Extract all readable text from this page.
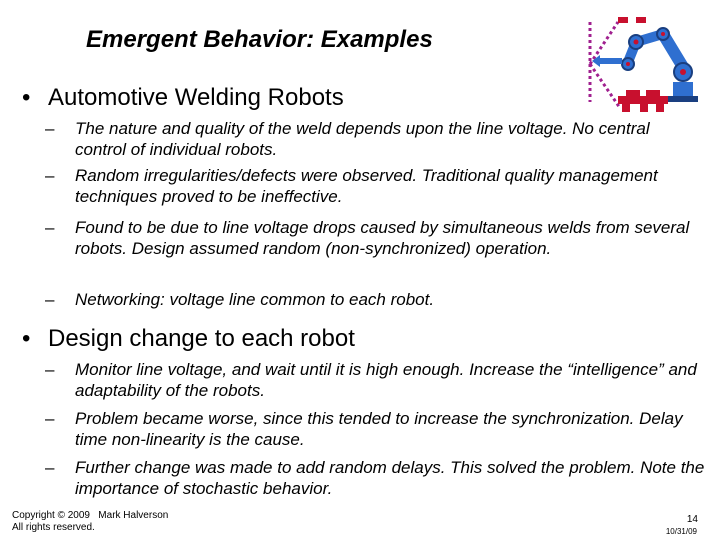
Emergent Behavior: Examples
• Automotive Welding Robots
– The nature and quality of the weld depends upon the line voltage. No central control of individual robots.
– Random irregularities/defects were observed. Traditional quality management techniques proved to be ineffective.
– Found to be due to line voltage drops caused by simultaneous welds from several robots. Design assumed random (non-synchronized) operation.
– Networking: voltage line common to each robot.
• Design change to each robot
– Monitor line voltage, and wait until it is high enough. Increase the “intelligence” and adaptability of the robots.
– Problem became worse, since this tended to increase the synchronization. Delay time non-linearity is the cause.
– Further change was made to add random delays. This solved the problem. Note the importance of stochastic behavior.
Copyright © 2009   Mark Halverson
All rights reserved.
14
10/31/09
